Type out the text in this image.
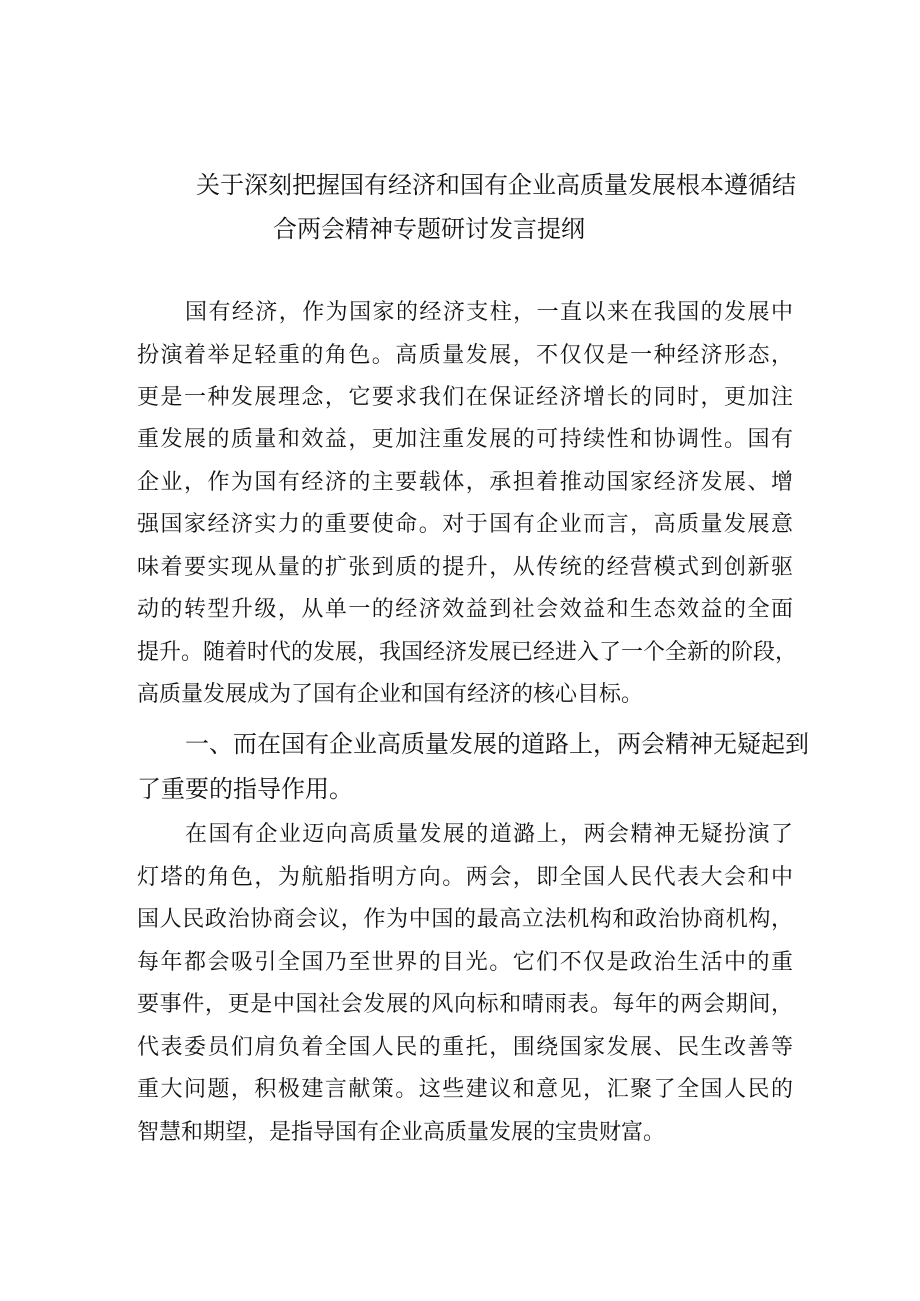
关于深刻把握国有经济和国有企业高质量发展根本遵循结
合两会精神专题研讨发言提纲
国有经济，作为国家的经济支柱，一直以来在我国的发展中
扮演着举足轻重的角色。高质量发展，不仅仅是一种经济形态，
更是一种发展理念，它要求我们在保证经济增长的同时，更加注
重发展的质量和效益，更加注重发展的可持续性和协调性。国有
企业，作为国有经济的主要载体，承担着推动国家经济发展、增
强国家经济实力的重要使命。对于国有企业而言，高质量发展意
味着要实现从量的扩张到质的提升，从传统的经营模式到创新驱
动的转型升级，从单一的经济效益到社会效益和生态效益的全面
提升。随着时代的发展，我国经济发展已经进入了一个全新的阶段，
高质量发展成为了国有企业和国有经济的核心目标。
一、而在国有企业高质量发展的道路上，两会精神无疑起到
了重要的指导作用。
在国有企业迈向高质量发展的道潞上，两会精神无疑扮演了
灯塔的角色，为航船指明方向。两会，即全国人民代表大会和中
国人民政治协商会议，作为中国的最高立法机构和政治协商机构，
每年都会吸引全国乃至世界的目光。它们不仅是政治生活中的重
要事件，更是中国社会发展的风向标和晴雨表。每年的两会期间，
代表委员们肩负着全国人民的重托，围绕国家发展、民生改善等
重大问题，积极建言献策。这些建议和意见，汇聚了全国人民的
智慧和期望，是指导国有企业高质量发展的宝贵财富。
